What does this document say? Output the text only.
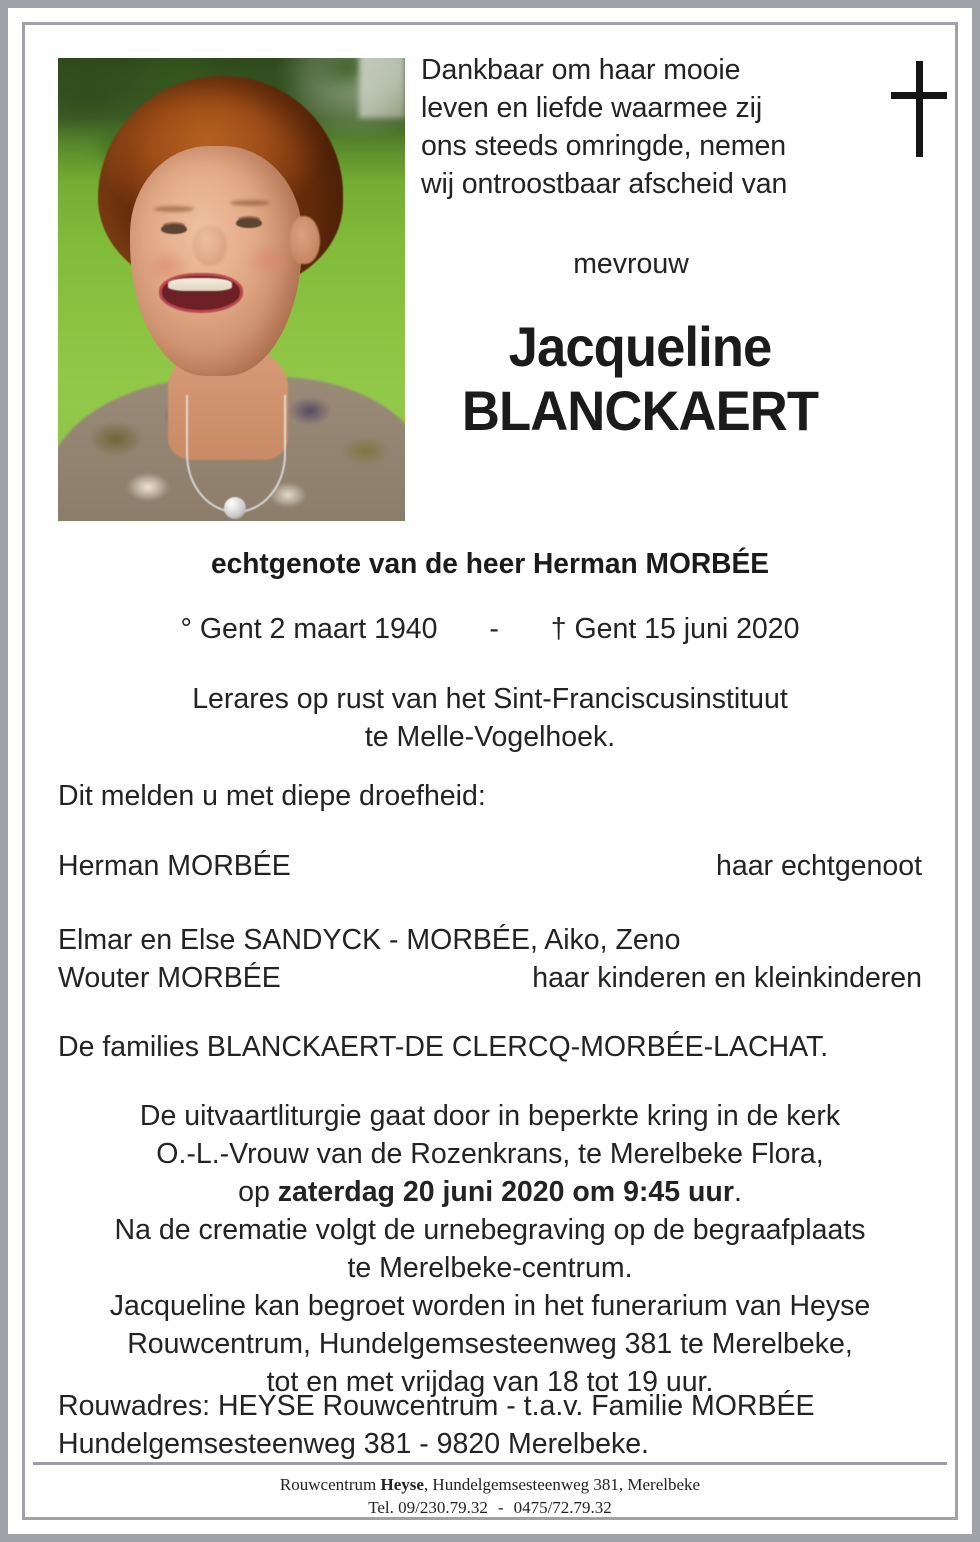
Dankbaar om haar mooie
leven en liefde waarmee zij
ons steeds omringde, nemen
wij ontroostbaar afscheid van
mevrouw
Jacqueline
BLANCKAERT
echtgenote van de heer Herman MORBÉE
° Gent 2 maart 1940 - † Gent 15 juni 2020
Lerares op rust van het Sint-Franciscusinstituut
te Melle-Vogelhoek.
Dit melden u met diepe droefheid:
Herman MORBÉE	haar echtgenoot
Elmar en Else SANDYCK - MORBÉE, Aiko, Zeno
Wouter MORBÉE	haar kinderen en kleinkinderen
De families BLANCKAERT-DE CLERCQ-MORBÉE-LACHAT.
De uitvaartliturgie gaat door in beperkte kring in de kerk
O.-L.-Vrouw van de Rozenkrans, te Merelbeke Flora,
op zaterdag 20 juni 2020 om 9:45 uur.
Na de crematie volgt de urnebegraving op de begraafplaats
te Merelbeke-centrum.
Jacqueline kan begroet worden in het funerarium van Heyse
Rouwcentrum, Hundelgemsesteenweg 381 te Merelbeke,
tot en met vrijdag van 18 tot 19 uur.
Rouwadres: HEYSE Rouwcentrum - t.a.v. Familie MORBÉE
Hundelgemsesteenweg 381 - 9820 Merelbeke.
Rouwcentrum Heyse, Hundelgemsesteenweg 381, Merelbeke
Tel. 09/230.79.32 - 0475/72.79.32
